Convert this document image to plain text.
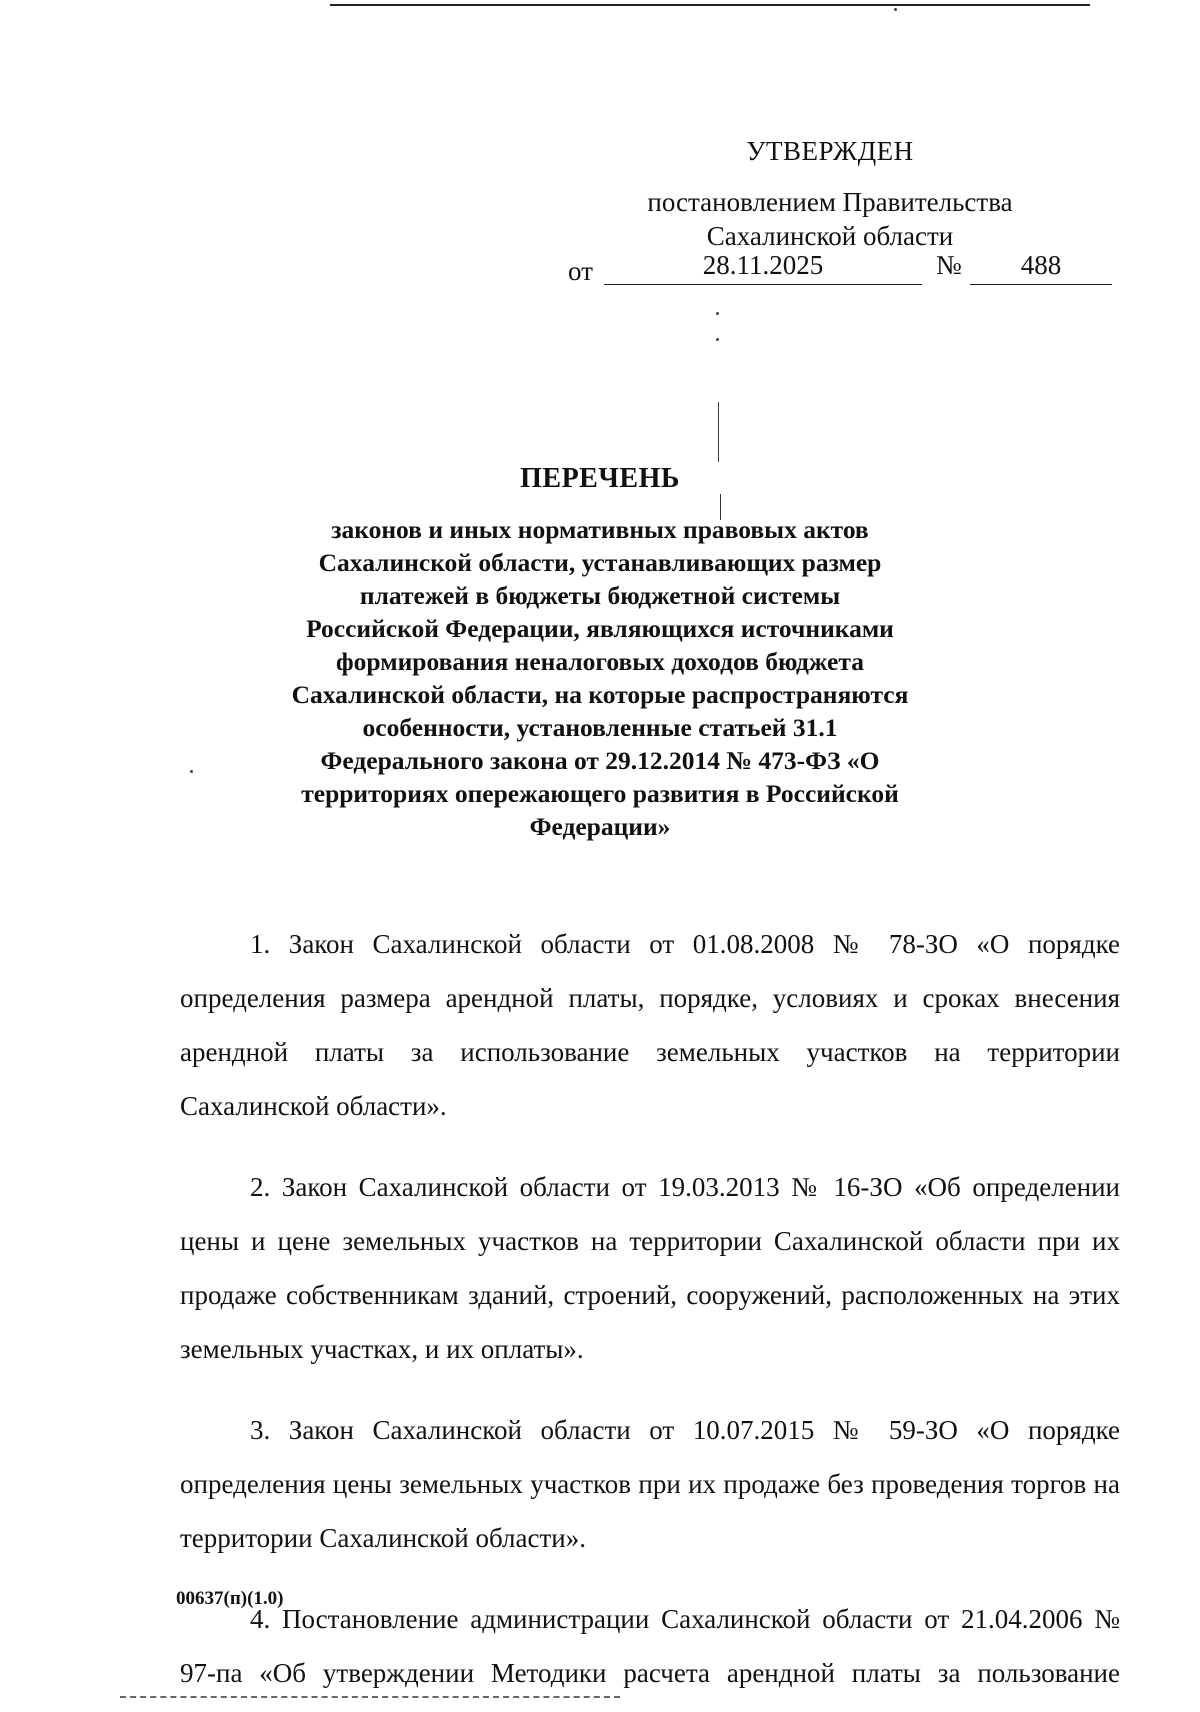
УТВЕРЖДЕН
постановлением Правительства
Сахалинской области
от	28.11.2025	№	488
ПЕРЕЧЕНЬ
законов и иных нормативных правовых актов
Сахалинской области, устанавливающих размер
платежей в бюджеты бюджетной системы
Российской Федерации, являющихся источниками
формирования неналоговых доходов бюджета
Сахалинской области, на которые распространяются
особенности, установленные статьей 31.1
Федерального закона от 29.12.2014 № 473-ФЗ «О
территориях опережающего развития в Российской
Федерации»

1. Закон Сахалинской области от 01.08.2008 № 78-ЗО «О порядке определения размера арендной платы, порядке, условиях и сроках внесения арендной платы за использование земельных участков на территории Сахалинской области».

2. Закон Сахалинской области от 19.03.2013 № 16-ЗО «Об определении цены и цене земельных участков на территории Сахалинской области при их продаже собственникам зданий, строений, сооружений, расположенных на этих земельных участках, и их оплаты».

3. Закон Сахалинской области от 10.07.2015 № 59-ЗО «О порядке определения цены земельных участков при их продаже без проведения торгов на территории Сахалинской области».

4. Постановление администрации Сахалинской области от 21.04.2006 № 97-па «Об утверждении Методики расчета арендной платы за пользование

00637(п)(1.0)
